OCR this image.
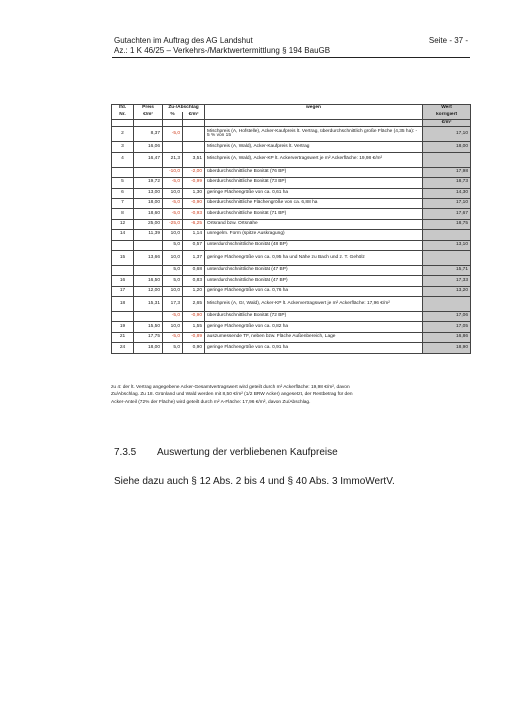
Gutachten im Auftrag des AG Landshut
Az.: 1 K 46/25 – Verkehrs-/Marktwertermittlung § 194 BauGB
Seite - 37 -
lfd.	Preis	Zu-/Abschlag		wegen	Wert
Nr.	€/m²	%	€/m²		korrigiert
					€/m²
2	8,37	-5,0		Mischpreis (A, Hofstelle), Acker-Kaufpreis lt. Vertrag, überdurchschnittlich große Fläche (4,35 ha): - 5 % von 15	17,10
3	16,06			Mischpreis (A, Wald), Acker-Kaufpreis lt. Vertrag	18,00
4	16,47	21,3	3,51	Mischpreis (A, Wald), Acker-KP lt. Ackervertragswert je m² Ackerfläche: 19,98 €/m²	
		-10,0	-2,00	überdurchschnittliche Bonität (76 BP)	17,98
5	19,72	-5,0	-0,99	überdurchschnittliche Bonität (73 BP)	18,73
6	13,00	10,0	1,30	geringe Flächengröße von ca. 0,61 ha	14,30
7	18,00	-5,0	-0,90	überdurchschnittliche Flächengröße von ca. 6,88 ha	17,10
8	18,60	-5,0	-0,93	überdurchschnittliche Bonität (71 BP)	17,67
12	25,00	-25,0	-6,25	Ortsrand bzw. Ortsnähe	18,75
14	11,39	10,0	1,14	unregelm. Form (spitze Auskragung)	
		5,0	0,57	unterdurchschnittliche Bonität (48 BP)	13,10
15	13,66	10,0	1,37	geringe Flächengröße von ca. 0,95 ha und Nähe zu Bach und z. T. Gehölz	
		5,0	0,68	unterdurchschnittliche Bonität (47 BP)	15,71
16	16,50	5,0	0,83	unterdurchschnittliche Bonität (47 BP)	17,33
17	12,00	10,0	1,20	geringe Flächengröße von ca. 0,76 ha	13,20
18	15,31	17,3	2,65	Mischpreis (A, Gr, Wald), Acker-KP lt. Ackervertragswert je m² Ackerfläche: 17,96 €/m²	
		-5,0	-0,90	überdurchschnittliche Bonität (72 BP)	17,06
19	15,50	10,0	1,55	geringe Flächengröße von ca. 0,82 ha	17,05
21	17,75	-5,0	-0,89	auszumessende TF, neben bzw. Fläche Außenbereich, Lage	16,86
24	18,00	5,0	0,90	geringe Flächengröße von ca. 0,91 ha	18,90
zu 4: der lt. Vertrag angegebene Acker-Gesamtvertragswert wird geteilt durch m² Ackerfläche: 19,98 €/m², davon
Zu/Abschlag. Zu 18. Grünland und Wald werden mit 8,50 €/m² (1/2 BRW Acker) angesetzt, der Restbetrag für den
Acker-Anteil (72% der Fläche) wird geteilt durch m² A-Fläche: 17,96 €/m², davon Zu/Abschlag.
7.3.5 Auswertung der verbliebenen Kaufpreise
Siehe dazu auch § 12 Abs. 2 bis 4 und § 40 Abs. 3 ImmoWertV.
